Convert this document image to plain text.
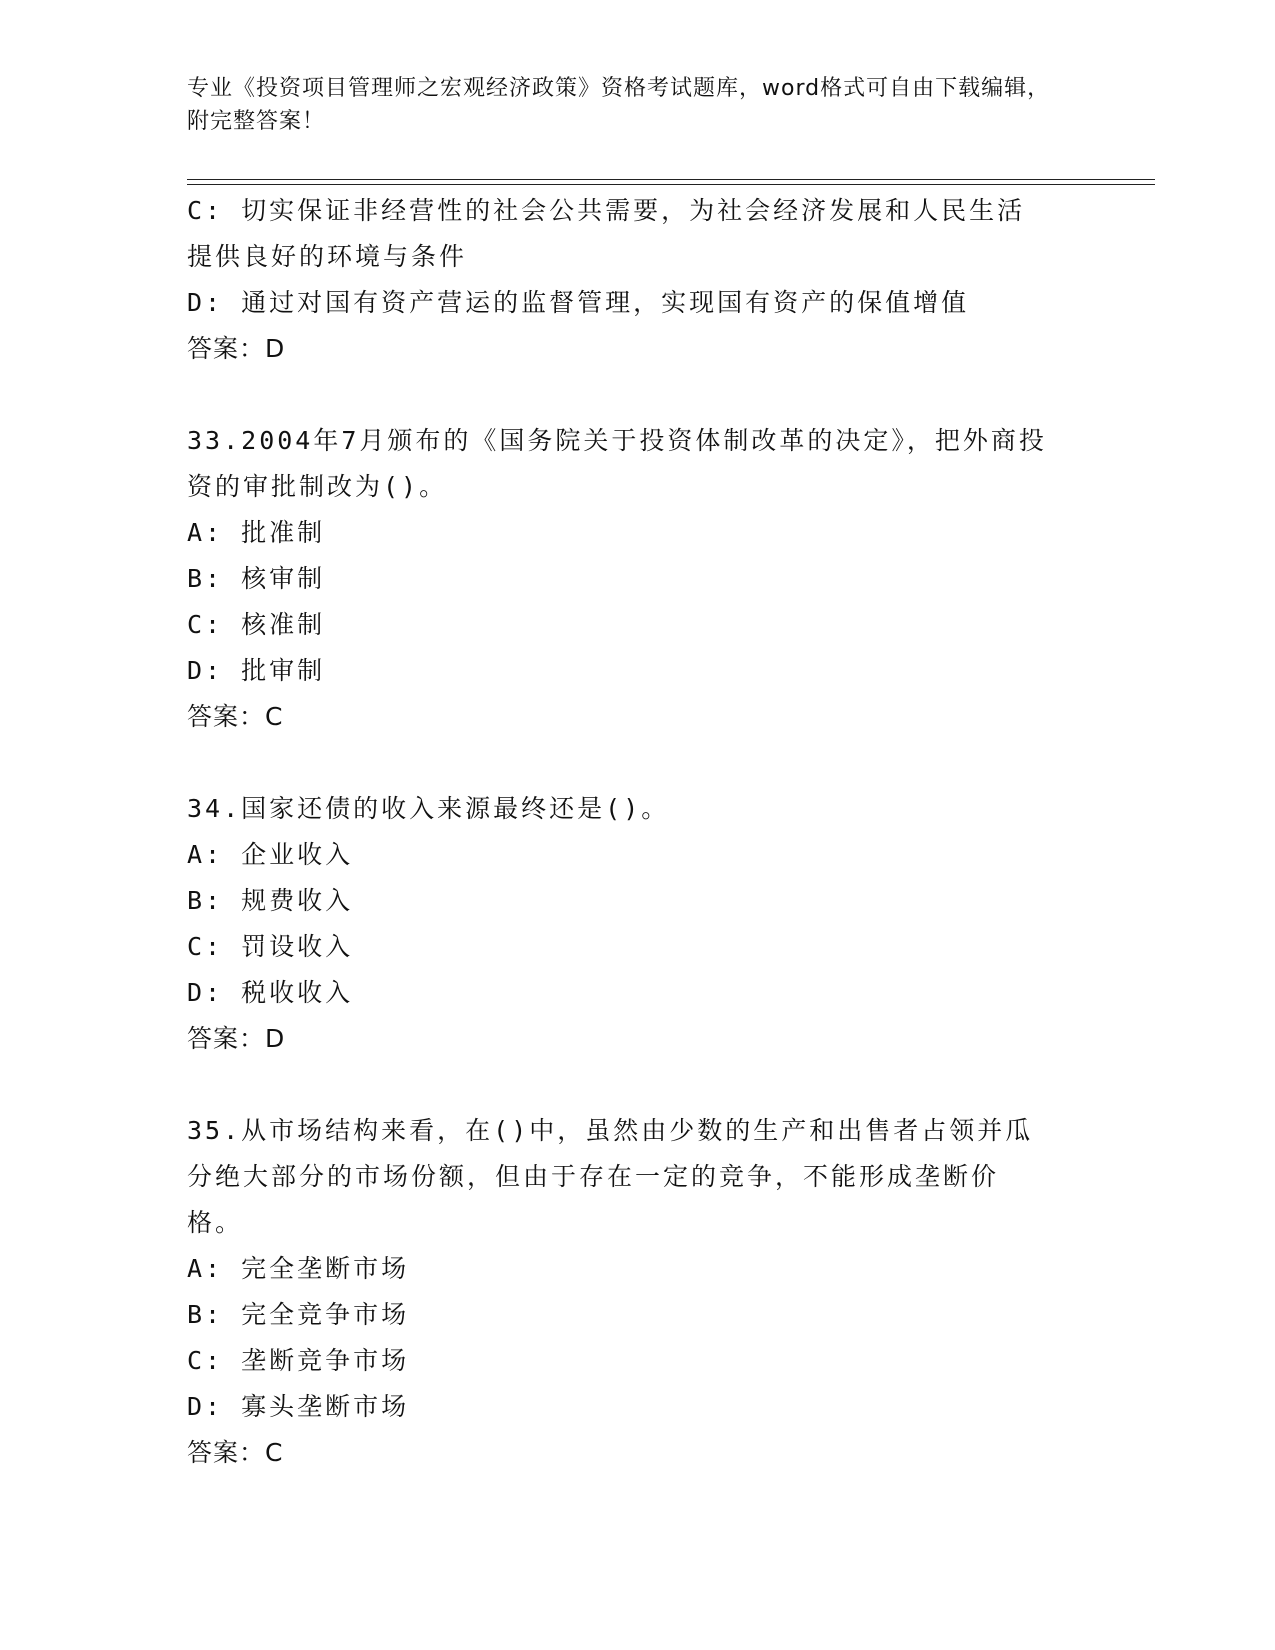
专业《投资项目管理师之宏观经济政策》资格考试题库，word格式可自由下载编辑，附完整答案！

C: 切实保证非经营性的社会公共需要，为社会经济发展和人民生活提供良好的环境与条件

D: 通过对国有资产营运的监督管理，实现国有资产的保值增值

答案：D

33.2004年7月颁布的《国务院关于投资体制改革的决定》，把外商投资的审批制改为()。

A: 批准制

B: 核审制

C: 核准制

D: 批审制

答案：C

34.国家还债的收入来源最终还是()。

A: 企业收入

B: 规费收入

C: 罚设收入

D: 税收收入

答案：D

35.从市场结构来看，在()中，虽然由少数的生产和出售者占领并瓜分绝大部分的市场份额，但由于存在一定的竞争，不能形成垄断价格。

A: 完全垄断市场

B: 完全竞争市场

C: 垄断竞争市场

D: 寡头垄断市场

答案：C
